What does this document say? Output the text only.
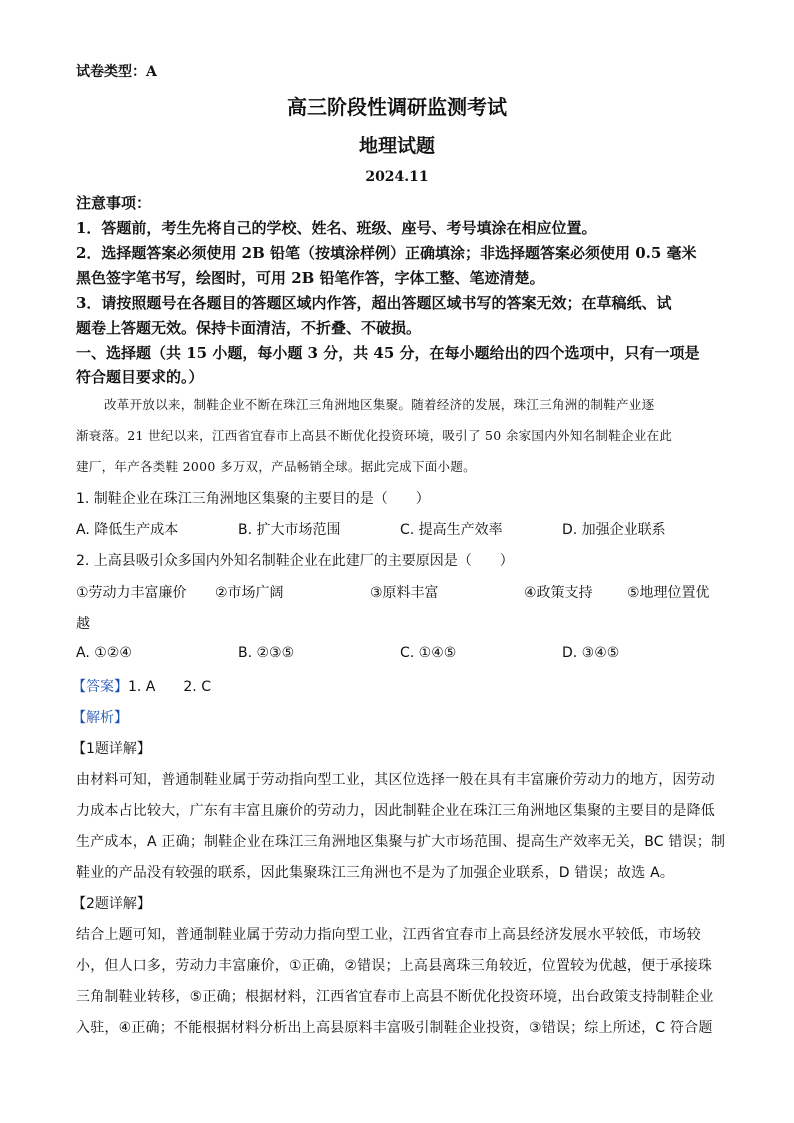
试卷类型：A
高三阶段性调研监测考试
地理试题
2024.11
注意事项：
1．答题前，考生先将自己的学校、姓名、班级、座号、考号填涂在相应位置。
2．选择题答案必须使用 2B 铅笔（按填涂样例）正确填涂；非选择题答案必须使用 0.5 毫米
黑色签字笔书写，绘图时，可用 2B 铅笔作答，字体工整、笔迹清楚。
3．请按照题号在各题目的答题区域内作答，超出答题区域书写的答案无效；在草稿纸、试
题卷上答题无效。保持卡面清洁，不折叠、不破损。
一、选择题（共 15 小题，每小题 3 分，共 45 分，在每小题给出的四个选项中，只有一项是
符合题目要求的。）
改革开放以来，制鞋企业不断在珠江三角洲地区集聚。随着经济的发展，珠江三角洲的制鞋产业逐
渐衰落。21 世纪以来，江西省宜春市上高县不断优化投资环境，吸引了 50 余家国内外知名制鞋企业在此
建厂，年产各类鞋 2000 多万双，产品畅销全球。据此完成下面小题。
1. 制鞋企业在珠江三角洲地区集聚的主要目的是（　　）
A. 降低生产成本	B. 扩大市场范围	C. 提高生产效率	D. 加强企业联系
2. 上高县吸引众多国内外知名制鞋企业在此建厂的主要原因是（　　）
①劳动力丰富廉价 ②市场广阔	③原料丰富	④政策支持 ⑤地理位置优
越
A. ①②④	B. ②③⑤	C. ①④⑤	D. ③④⑤
【答案】1. A　　2. C
【解析】
【1题详解】
由材料可知，普通制鞋业属于劳动指向型工业，其区位选择一般在具有丰富廉价劳动力的地方，因劳动
力成本占比较大，广东有丰富且廉价的劳动力，因此制鞋企业在珠江三角洲地区集聚的主要目的是降低
生产成本，A 正确；制鞋企业在珠江三角洲地区集聚与扩大市场范围、提高生产效率无关，BC 错误；制
鞋业的产品没有较强的联系，因此集聚珠江三角洲也不是为了加强企业联系，D 错误；故选 A。
【2题详解】
结合上题可知，普通制鞋业属于劳动力指向型工业，江西省宜春市上高县经济发展水平较低，市场较
小，但人口多，劳动力丰富廉价，①正确，②错误；上高县离珠三角较近，位置较为优越，便于承接珠
三角制鞋业转移，⑤正确；根据材料，江西省宜春市上高县不断优化投资环境，出台政策支持制鞋企业
入驻，④正确；不能根据材料分析出上高县原料丰富吸引制鞋企业投资，③错误；综上所述，C 符合题
